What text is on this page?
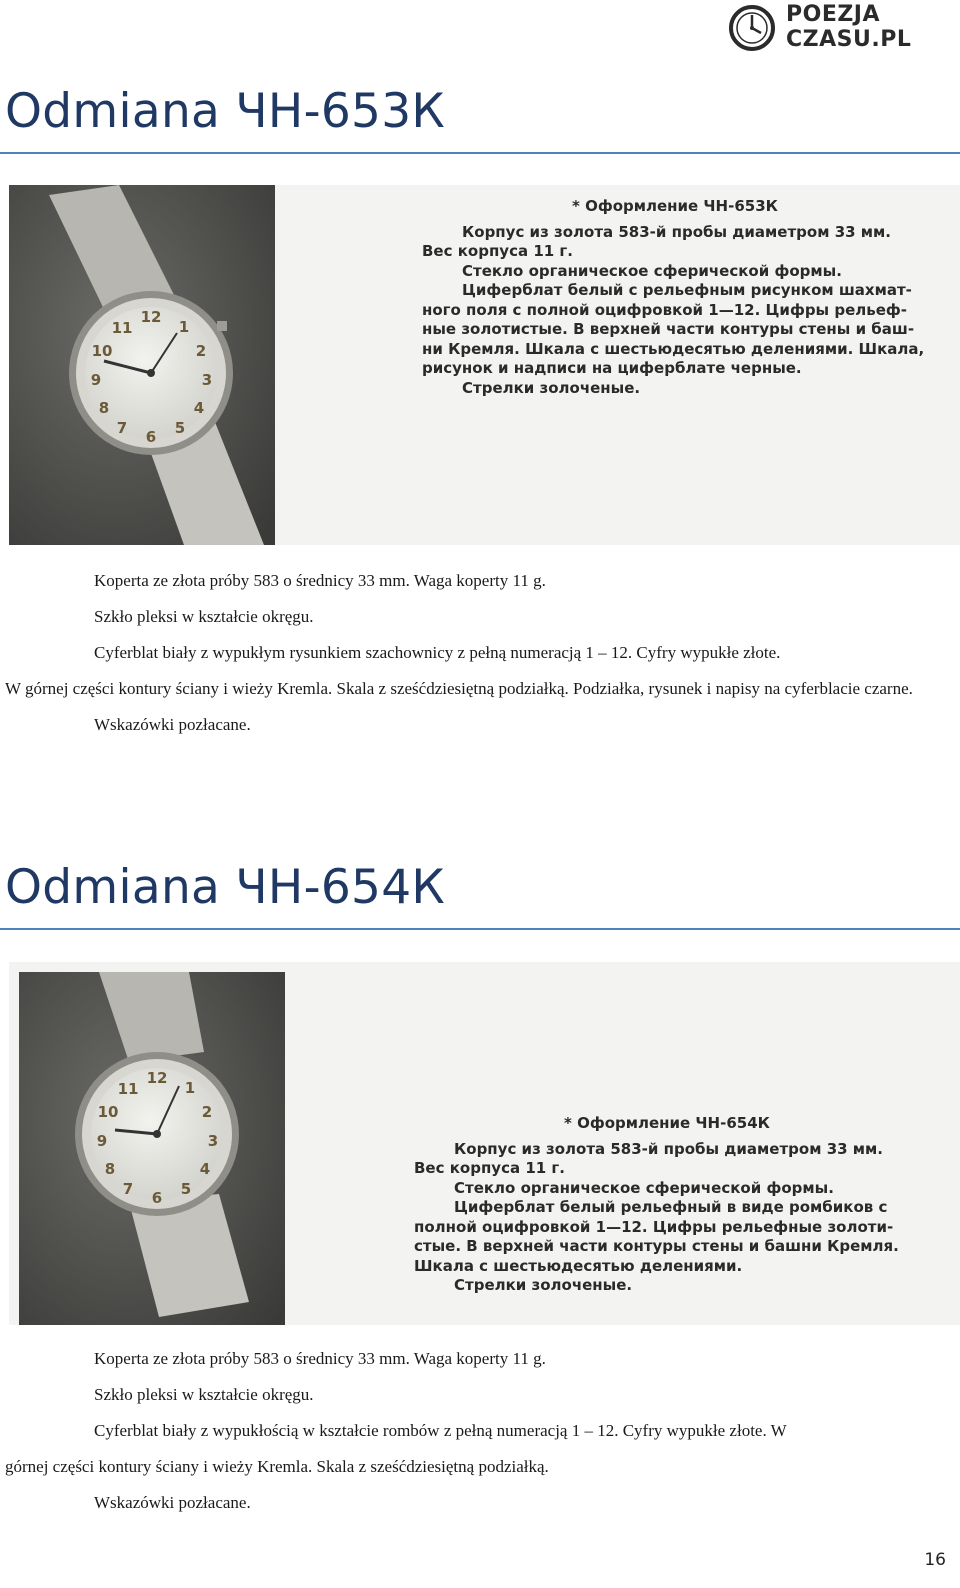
POEZJA
CZASU.PL
Odmiana ЧН-653К
12
1
2
3
4
5
6
7
8
9
10
11
* Оформление ЧН-653К
Корпус из золота 583-й пробы диаметром 33 мм.
Вес корпуса 11 г.
Стекло органическое сферической формы.
Циферблат белый с рельефным рисунком шахмат-
ного поля с полной оцифровкой 1—12. Цифры рельеф-
ные золотистые. В верхней части контуры стены и баш-
ни Кремля. Шкала с шестьюдесятью делениями. Шкала,
рисунок и надписи на циферблате черные.
Стрелки золоченые.

Koperta ze złota próby 583 o średnicy 33 mm. Waga koperty 11 g.

Szkło pleksi w kształcie okręgu.

Cyferblat biały z wypukłym rysunkiem szachownicy z pełną numeracją 1 – 12. Cyfry wypukłe złote.

W górnej części kontury ściany i wieży Kremla. Skala z sześćdziesiętną podziałką. Podziałka, rysunek i napisy na cyferblacie czarne.

Wskazówki pozłacane.

Odmiana ЧН-654К
12
1
2
3
4
5
6
7
8
9
10
11
* Оформление ЧН-654К
Корпус из золота 583-й пробы диаметром 33 мм.
Вес корпуса 11 г.
Стекло органическое сферической формы.
Циферблат белый рельефный в виде ромбиков с
полной оцифровкой 1—12. Цифры рельефные золоти-
стые. В верхней части контуры стены и башни Кремля.
Шкала с шестьюдесятью делениями.
Стрелки золоченые.

Koperta ze złota próby 583 o średnicy 33 mm. Waga koperty 11 g.

Szkło pleksi w kształcie okręgu.

Cyferblat biały z wypukłością w kształcie rombów z pełną numeracją 1 – 12. Cyfry wypukłe złote. W

górnej części kontury ściany i wieży Kremla. Skala z sześćdziesiętną podziałką.

Wskazówki pozłacane.

16
